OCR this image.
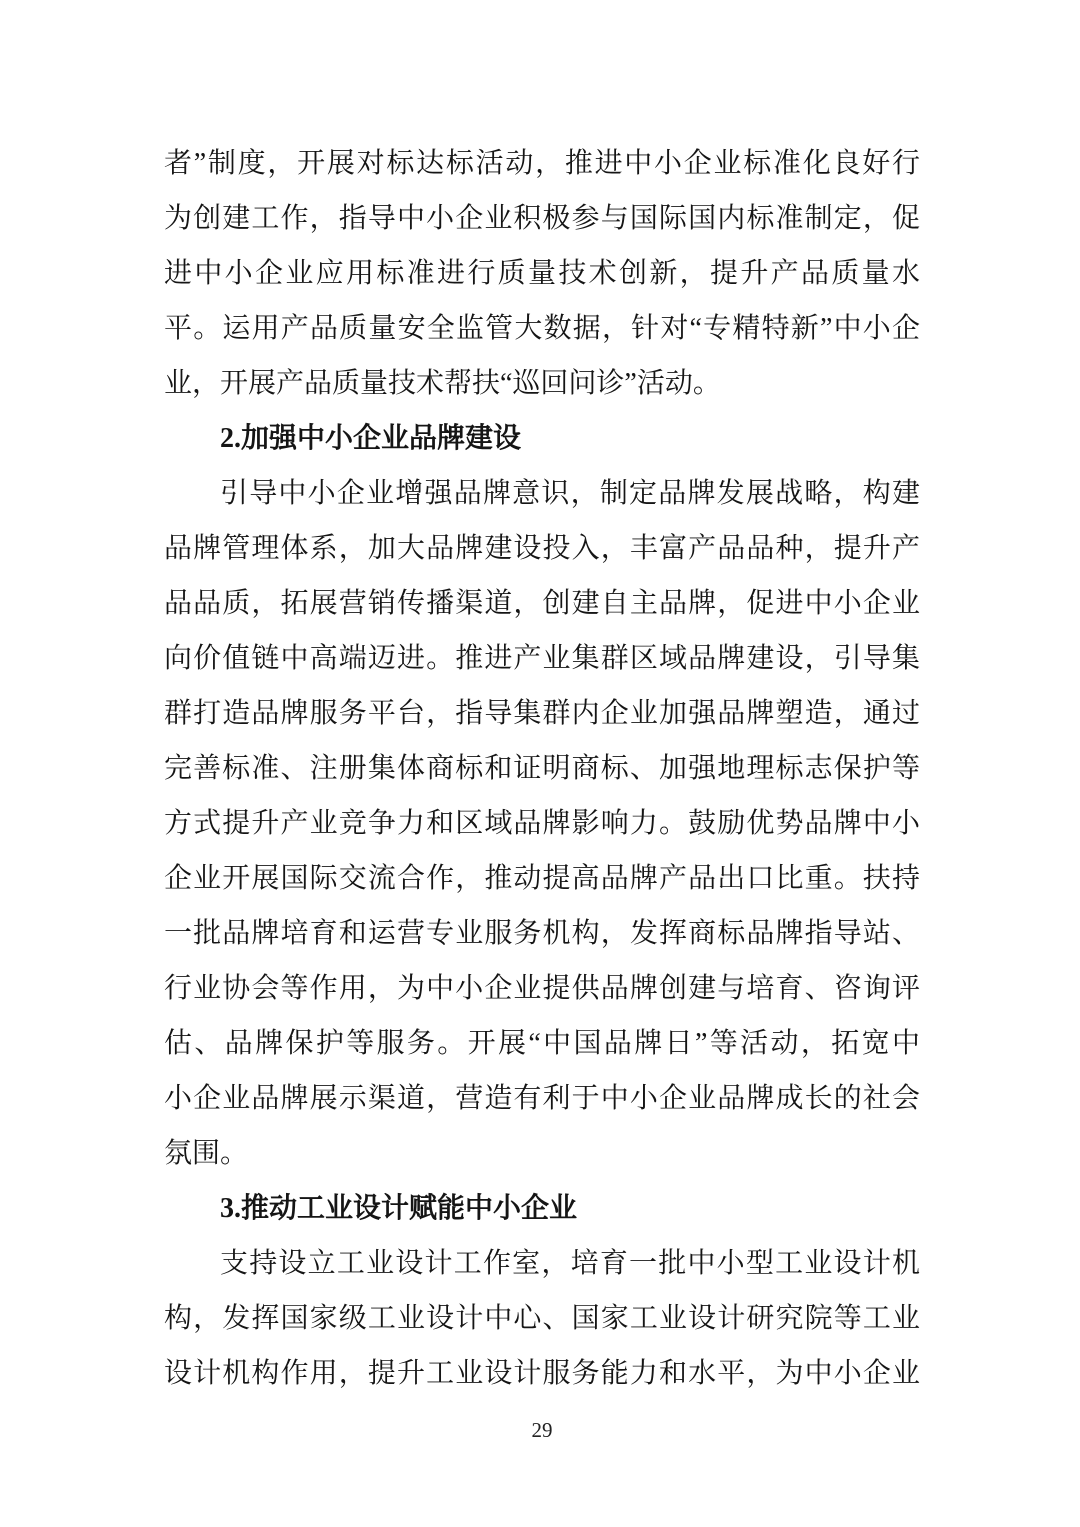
者”制度，开展对标达标活动，推进中小企业标准化良好行
为创建工作，指导中小企业积极参与国际国内标准制定，促
进中小企业应用标准进行质量技术创新，提升产品质量水
平。运用产品质量安全监管大数据，针对“专精特新”中小企
业，开展产品质量技术帮扶“巡回问诊”活动。
2.加强中小企业品牌建设
引导中小企业增强品牌意识，制定品牌发展战略，构建
品牌管理体系，加大品牌建设投入，丰富产品品种，提升产
品品质，拓展营销传播渠道，创建自主品牌，促进中小企业
向价值链中高端迈进。推进产业集群区域品牌建设，引导集
群打造品牌服务平台，指导集群内企业加强品牌塑造，通过
完善标准、注册集体商标和证明商标、加强地理标志保护等
方式提升产业竞争力和区域品牌影响力。鼓励优势品牌中小
企业开展国际交流合作，推动提高品牌产品出口比重。扶持
一批品牌培育和运营专业服务机构，发挥商标品牌指导站、
行业协会等作用，为中小企业提供品牌创建与培育、咨询评
估、品牌保护等服务。开展“中国品牌日”等活动，拓宽中
小企业品牌展示渠道，营造有利于中小企业品牌成长的社会
氛围。
3.推动工业设计赋能中小企业
支持设立工业设计工作室，培育一批中小型工业设计机
构，发挥国家级工业设计中心、国家工业设计研究院等工业
设计机构作用，提升工业设计服务能力和水平，为中小企业
29
